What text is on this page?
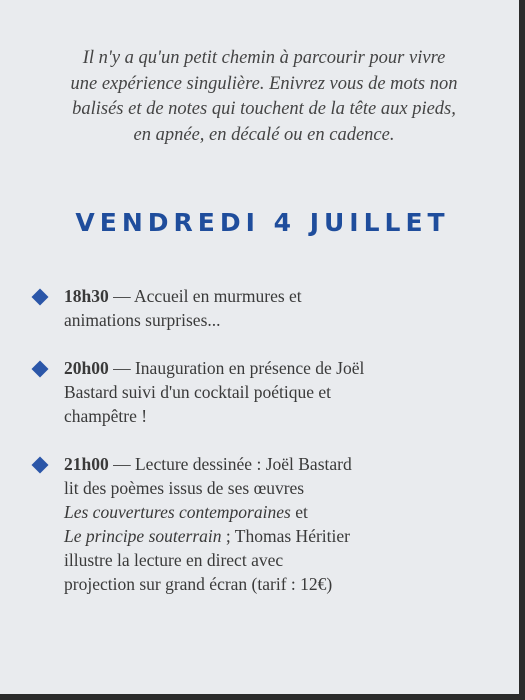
Il n'y a qu'un petit chemin à parcourir pour vivre
une expérience singulière. Enivrez vous de mots non
balisés et de notes qui touchent de la tête aux pieds,
en apnée, en décalé ou en cadence.
VENDREDI 4 JUILLET
18h30 — Accueil en murmures et
animations surprises...
20h00 — Inauguration en présence de Joël
Bastard suivi d'un cocktail poétique et
champêtre !
21h00 — Lecture dessinée : Joël Bastard
lit des poèmes issus de ses œuvres
Les couvertures contemporaines et
Le principe souterrain ; Thomas Héritier
illustre la lecture en direct avec
projection sur grand écran (tarif : 12€)
